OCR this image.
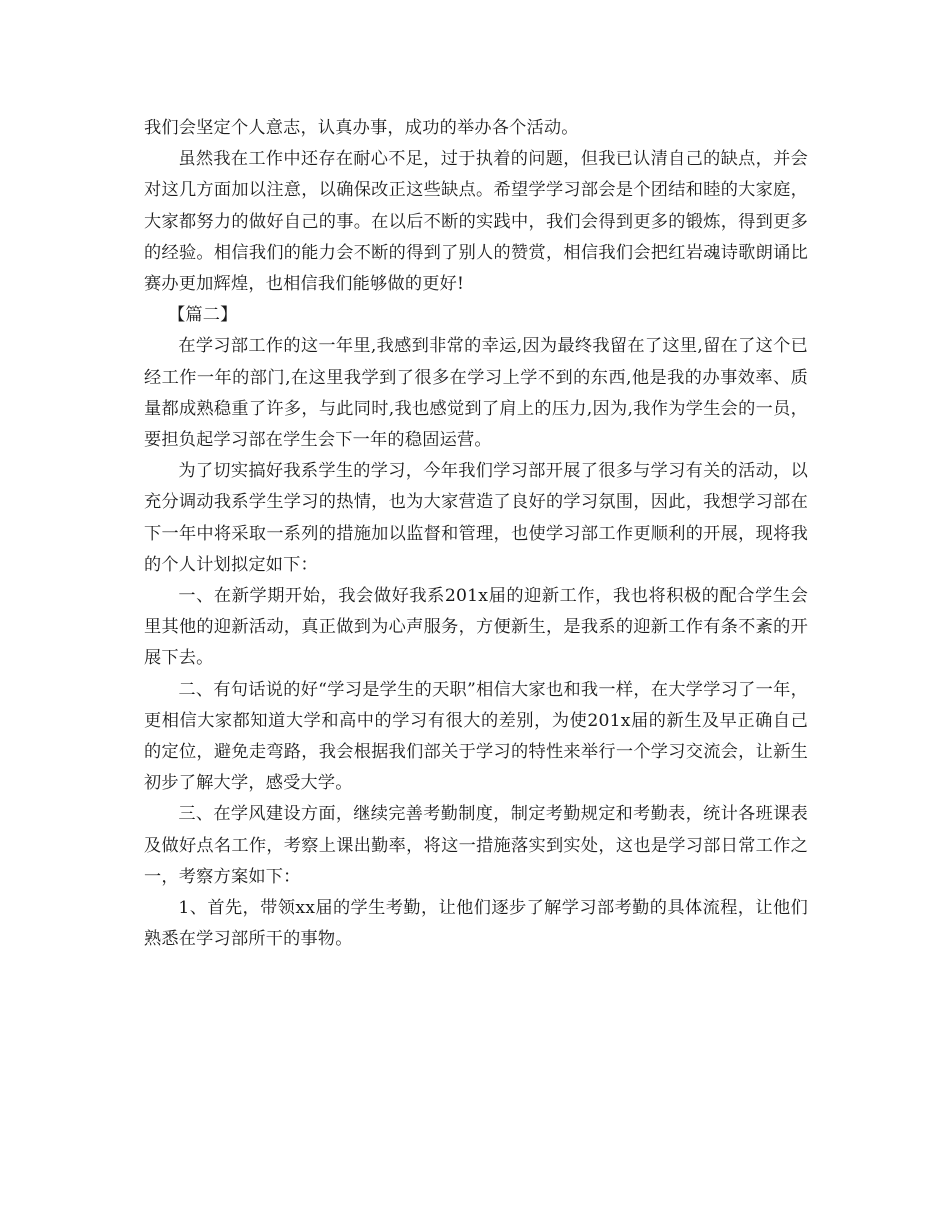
我们会坚定个人意志，认真办事，成功的举办各个活动。

虽然我在工作中还存在耐心不足，过于执着的问题，但我已认清自己的缺点，并会对这几方面加以注意，以确保改正这些缺点。希望学学习部会是个团结和睦的大家庭，大家都努力的做好自己的事。在以后不断的实践中，我们会得到更多的锻炼，得到更多的经验。相信我们的能力会不断的得到了别人的赞赏，相信我们会把红岩魂诗歌朗诵比赛办更加辉煌，也相信我们能够做的更好!

【篇二】

在学习部工作的这一年里,我感到非常的幸运,因为最终我留在了这里,留在了这个已经工作一年的部门,在这里我学到了很多在学习上学不到的东西,他是我的办事效率、质量都成熟稳重了许多，与此同时,我也感觉到了肩上的压力,因为,我作为学生会的一员，要担负起学习部在学生会下一年的稳固运营。

为了切实搞好我系学生的学习，今年我们学习部开展了很多与学习有关的活动，以充分调动我系学生学习的热情，也为大家营造了良好的学习氛围，因此，我想学习部在下一年中将采取一系列的措施加以监督和管理，也使学习部工作更顺利的开展，现将我的个人计划拟定如下：

一、在新学期开始，我会做好我系201x届的迎新工作，我也将积极的配合学生会里其他的迎新活动，真正做到为心声服务，方便新生，是我系的迎新工作有条不紊的开展下去。

二、有句话说的好“学习是学生的天职”相信大家也和我一样，在大学学习了一年，更相信大家都知道大学和高中的学习有很大的差别，为使201x届的新生及早正确自己的定位，避免走弯路，我会根据我们部关于学习的特性来举行一个学习交流会，让新生初步了解大学，感受大学。

三、在学风建设方面，继续完善考勤制度，制定考勤规定和考勤表，统计各班课表及做好点名工作，考察上课出勤率，将这一措施落实到实处，这也是学习部日常工作之一，考察方案如下：

1、首先，带领xx届的学生考勤，让他们逐步了解学习部考勤的具体流程，让他们熟悉在学习部所干的事物。
